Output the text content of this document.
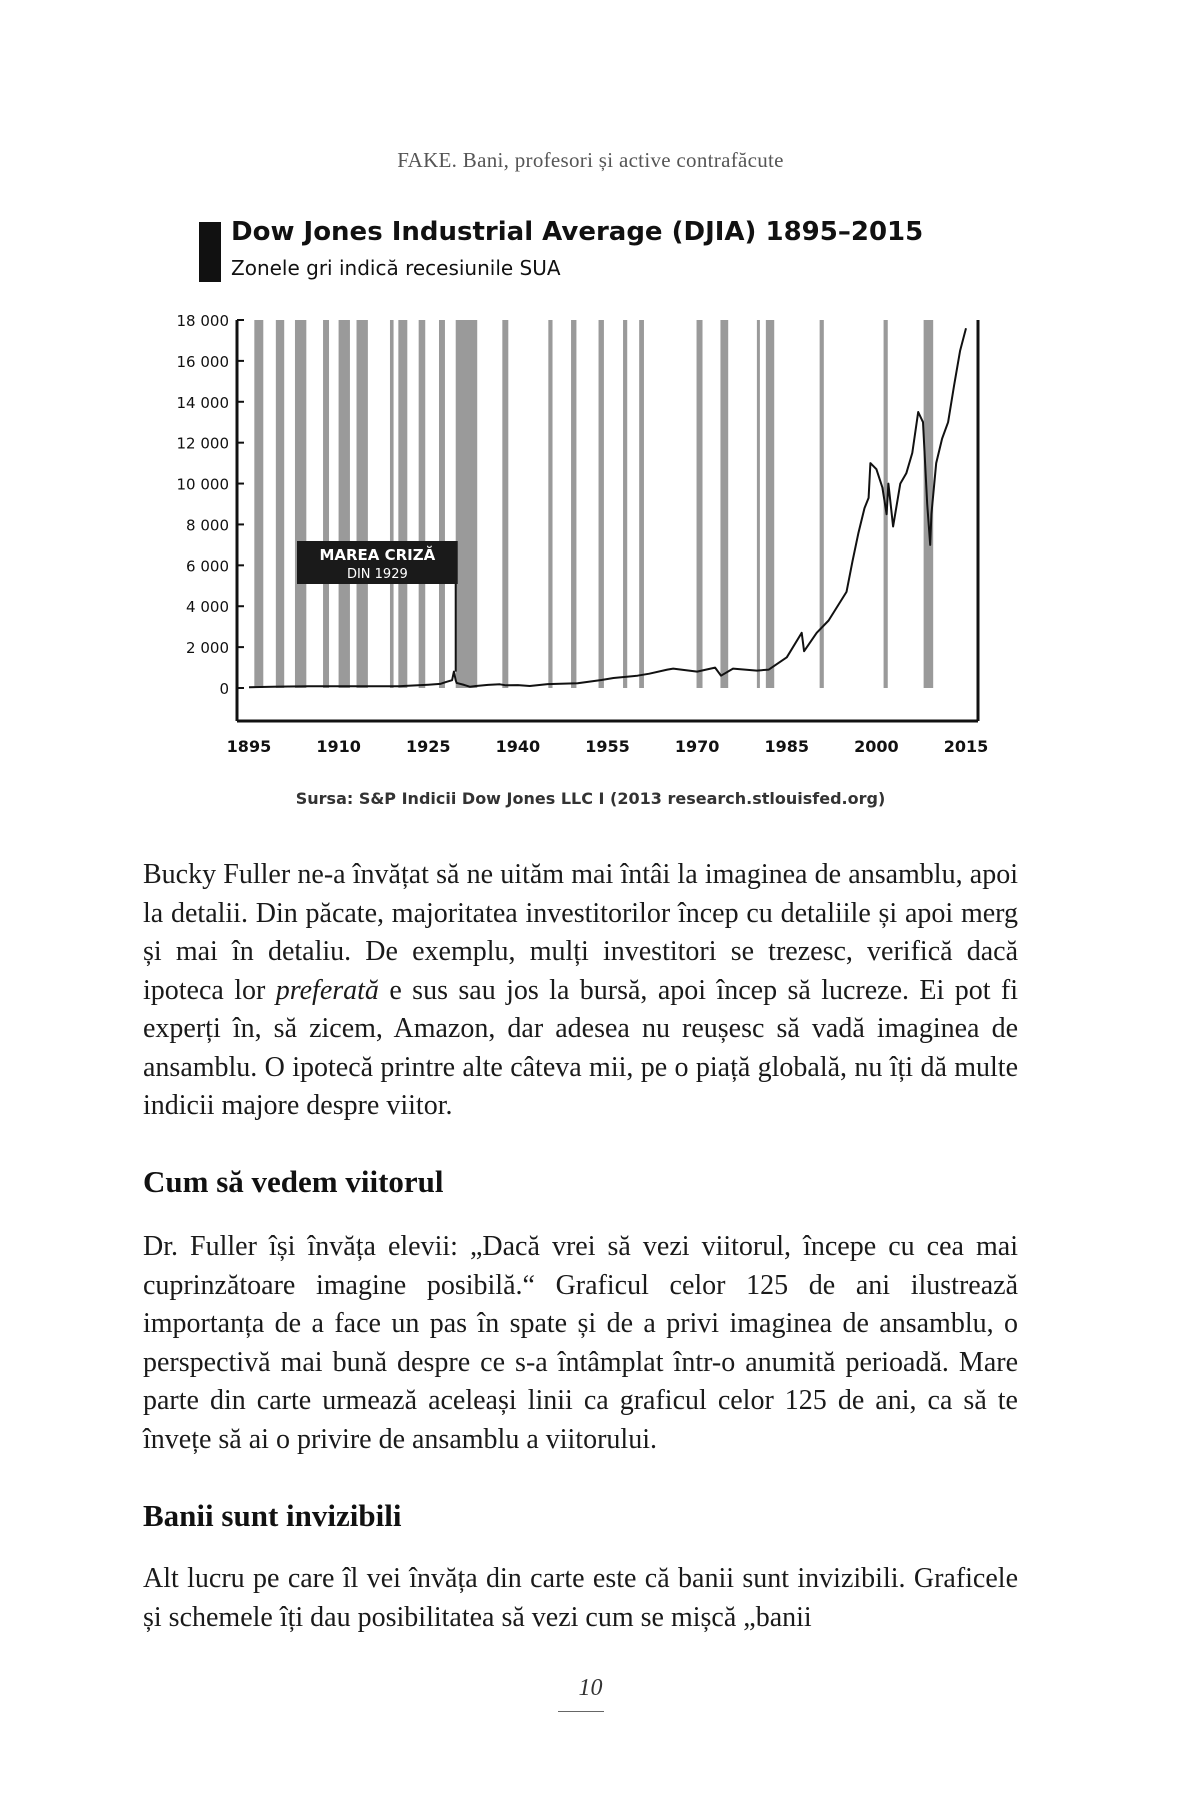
FAKE. Bani, profesori și active contrafăcute
Dow Jones Industrial Average (DJIA) 1895–2015
Zonele gri indică recesiunile SUA
0
2 000
4 000
6 000
8 000
10 000
12 000
14 000
16 000
18 000
1895	1910	1925	1940	1955	1970	1985	2000	2015
MAREA CRIZĂ
DIN 1929
Sursa: S&P Indicii Dow Jones LLC I (2013 research.stlouisfed.org)

Bucky Fuller ne-a învățat să ne uităm mai întâi la imaginea de ansamblu, apoi la detalii. Din păcate, majoritatea investitorilor încep cu detaliile și apoi merg și mai în detaliu. De exemplu, mulți investitori se trezesc, verifică dacă ipoteca lor preferată e sus sau jos la bursă, apoi încep să lucreze. Ei pot fi experți în, să zicem, Amazon, dar adesea nu reușesc să vadă imaginea de ansamblu. O ipotecă printre alte câteva mii, pe o piață globală, nu îți dă multe indicii majore despre viitor.

Cum să vedem viitorul

Dr. Fuller își învăța elevii: „Dacă vrei să vezi viitorul, începe cu cea mai cuprinzătoare imagine posibilă.“ Graficul celor 125 de ani ilustrează importanța de a face un pas în spate și de a privi imaginea de ansamblu, o perspectivă mai bună despre ce s-a întâmplat într-o anumită perioadă. Mare parte din carte urmează aceleași linii ca graficul celor 125 de ani, ca să te învețe să ai o privire de ansamblu a viitorului.

Banii sunt invizibili

Alt lucru pe care îl vei învăța din carte este că banii sunt invizibili. Graficele și schemele îți dau posibilitatea să vezi cum se mișcă „banii

10
